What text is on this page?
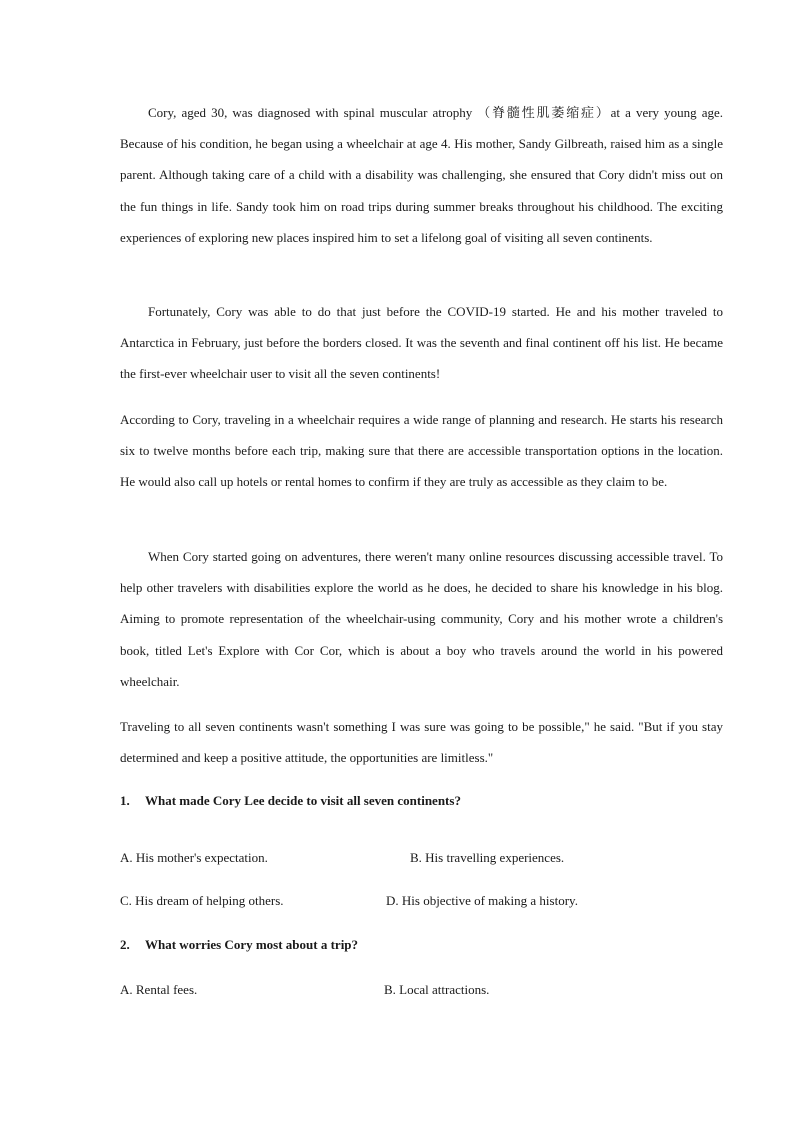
Cory, aged 30, was diagnosed with spinal muscular atrophy （脊髓性肌萎缩症）at a very young age. Because of his condition, he began using a wheelchair at age 4. His mother, Sandy Gilbreath, raised him as a single parent. Although taking care of a child with a disability was challenging, she ensured that Cory didn't miss out on the fun things in life. Sandy took him on road trips during summer breaks throughout his childhood. The exciting experiences of exploring new places inspired him to set a lifelong goal of visiting all seven continents.

Fortunately, Cory was able to do that just before the COVID-19 started. He and his mother traveled to Antarctica in February, just before the borders closed. It was the seventh and final continent off his list. He became the first-ever wheelchair user to visit all the seven continents!

According to Cory, traveling in a wheelchair requires a wide range of planning and research. He starts his research six to twelve months before each trip, making sure that there are accessible transportation options in the location. He would also call up hotels or rental homes to confirm if they are truly as accessible as they claim to be.

When Cory started going on adventures, there weren't many online resources discussing accessible travel. To help other travelers with disabilities explore the world as he does, he decided to share his knowledge in his blog. Aiming to promote representation of the wheelchair-using community, Cory and his mother wrote a children's book, titled Let's Explore with Cor Cor, which is about a boy who travels around the world in his powered wheelchair.

Traveling to all seven continents wasn't something I was sure was going to be possible," he said. "But if you stay determined and keep a positive attitude, the opportunities are limitless."

1. What made Cory Lee decide to visit all seven continents?

A. His mother's expectation.	B. His travelling experiences.

C. His dream of helping others.	D. His objective of making a history.

2. What worries Cory most about a trip?

A. Rental fees.	B. Local attractions.
